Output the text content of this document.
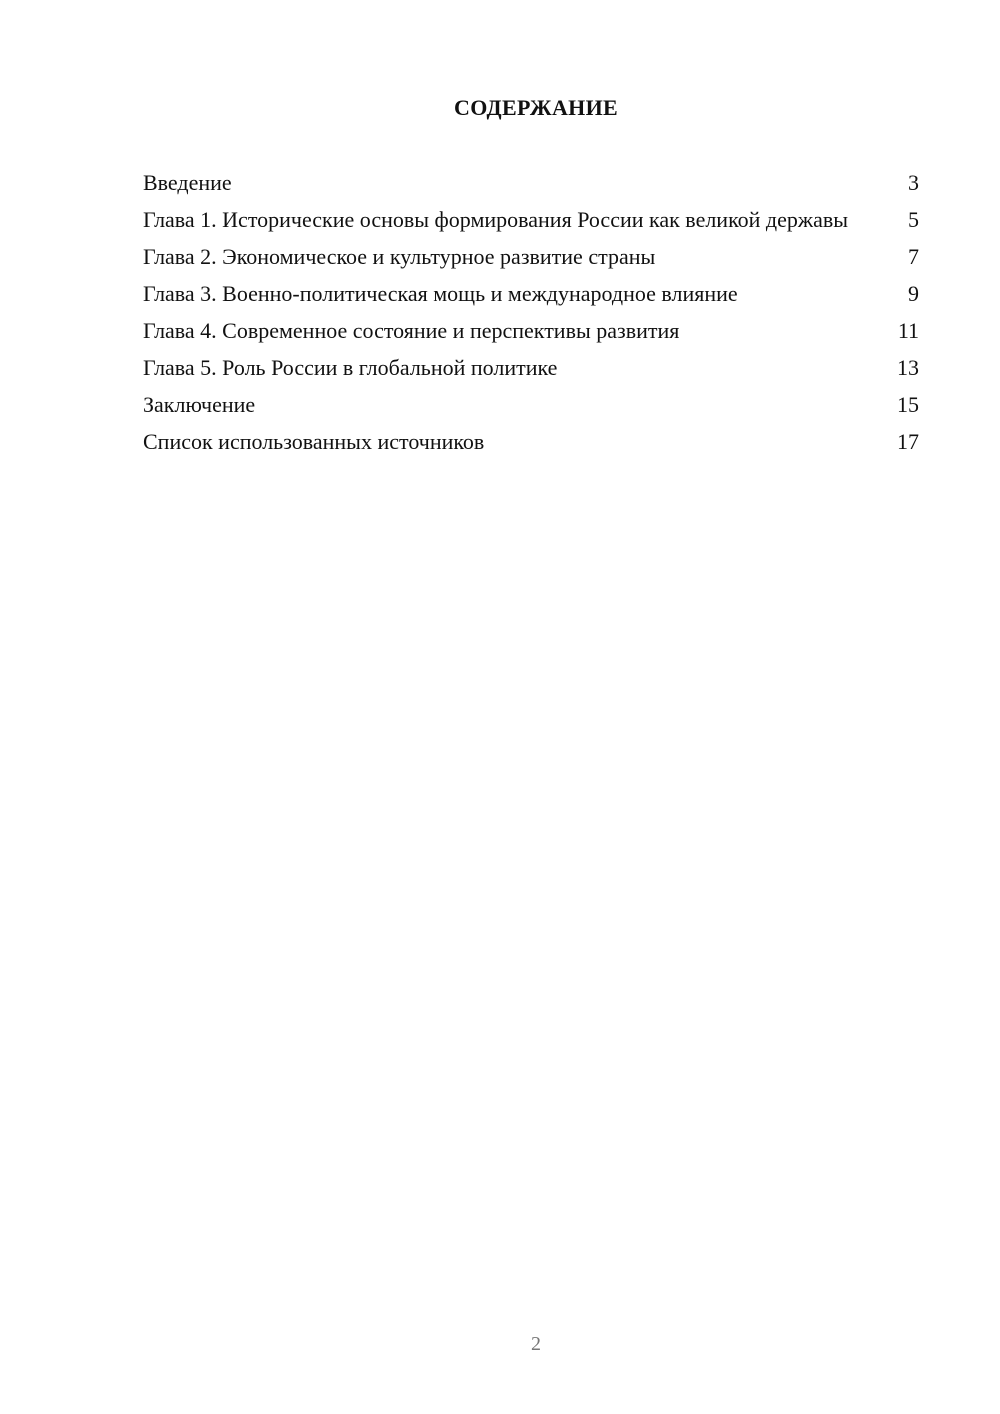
СОДЕРЖАНИЕ
Введение	3
Глава 1. Исторические основы формирования России как великой державы	5
Глава 2. Экономическое и культурное развитие страны	7
Глава 3. Военно-политическая мощь и международное влияние	9
Глава 4. Современное состояние и перспективы развития	11
Глава 5. Роль России в глобальной политике	13
Заключение	15
Список использованных источников	17
2
